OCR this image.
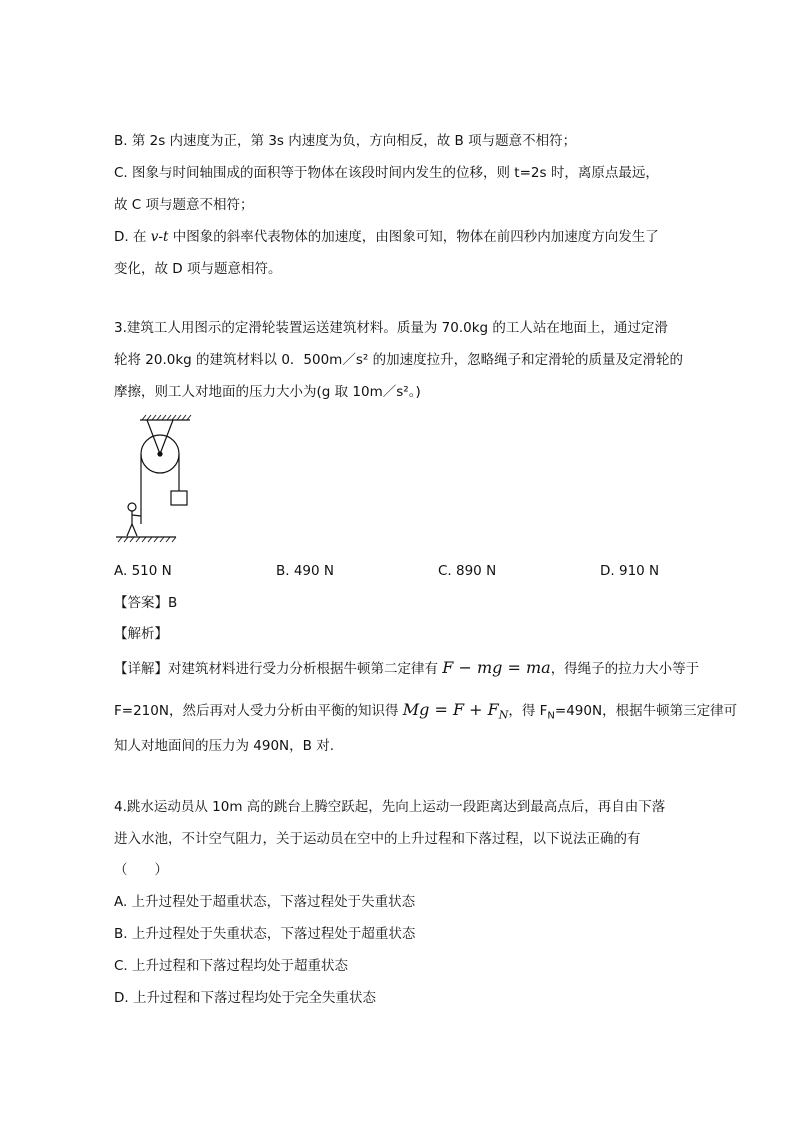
B. 第 2s 内速度为正，第 3s 内速度为负，方向相反，故 B 项与题意不相符；
C. 图象与时间轴围成的面积等于物体在该段时间内发生的位移，则 t=2s 时，离原点最远，
故 C 项与题意不相符；
D. 在 v-t 中图象的斜率代表物体的加速度，由图象可知，物体在前四秒内加速度方向发生了
变化，故 D 项与题意相符。
3.建筑工人用图示的定滑轮装置运送建筑材料。质量为 70.0kg 的工人站在地面上，通过定滑
轮将 20.0kg 的建筑材料以 0．500m／s² 的加速度拉升，忽略绳子和定滑轮的质量及定滑轮的
摩擦，则工人对地面的压力大小为(g 取 10m／s²。)
A. 510 N	B. 490 N	C. 890 N	D. 910 N
【答案】B
【解析】
【详解】对建筑材料进行受力分析根据牛顿第二定律有 F − mg = ma，得绳子的拉力大小等于
F=210N，然后再对人受力分析由平衡的知识得 $Mg = F + F_N$，得 $F_N=490N$，根据牛顿第三定律可
知人对地面间的压力为 490N，B 对.
4.跳水运动员从 10m 高的跳台上腾空跃起，先向上运动一段距离达到最高点后，再自由下落
进入水池，不计空气阻力，关于运动员在空中的上升过程和下落过程，以下说法正确的有
（　　）
A. 上升过程处于超重状态，下落过程处于失重状态
B. 上升过程处于失重状态，下落过程处于超重状态
C. 上升过程和下落过程均处于超重状态
D. 上升过程和下落过程均处于完全失重状态
